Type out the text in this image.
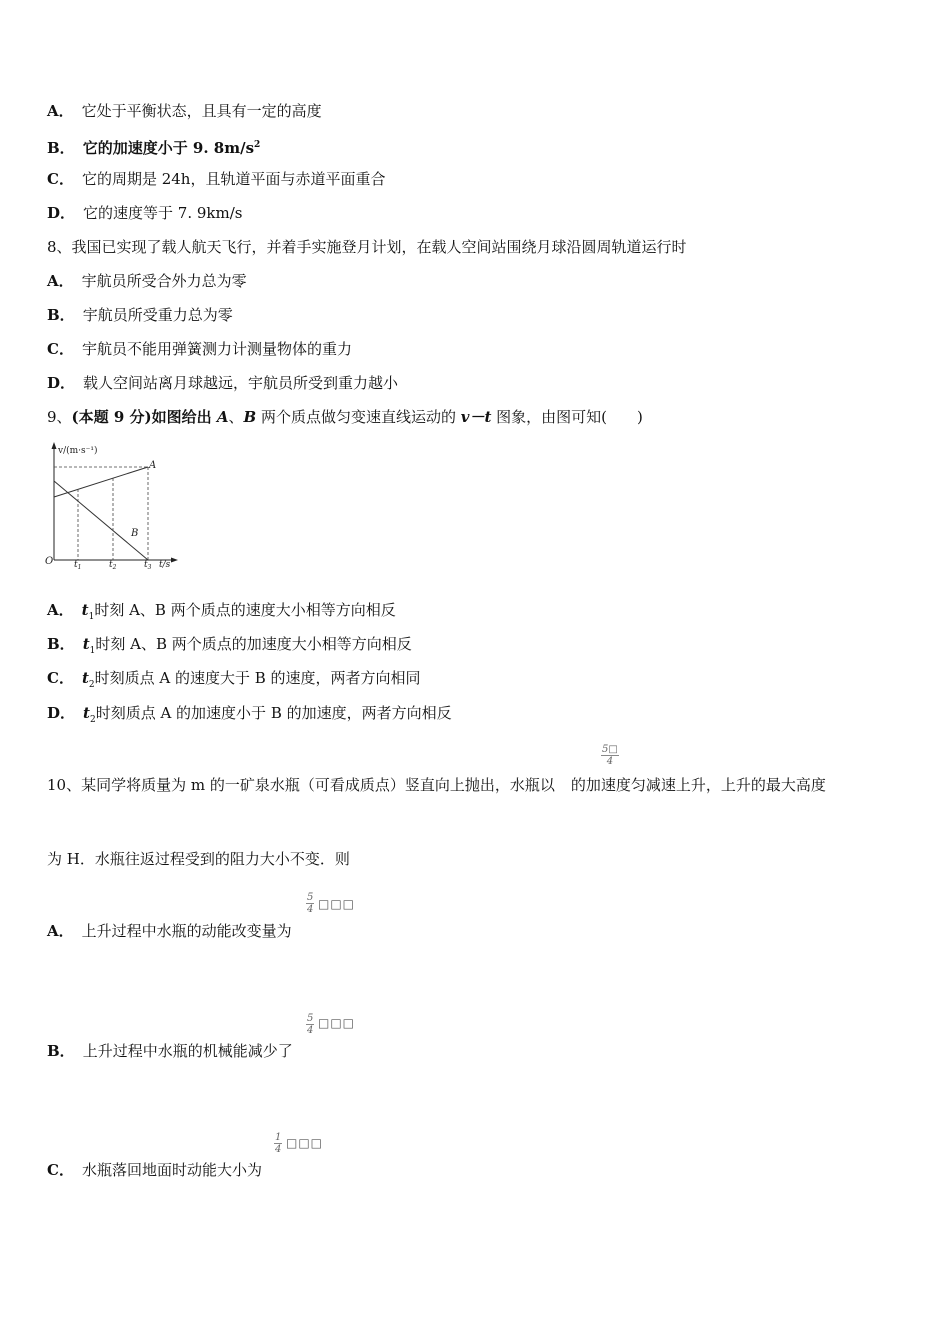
A． 它处于平衡状态，且具有一定的高度
B． 它的加速度小于 9. $8m/s^2$
C． 它的周期是 24h，且轨道平面与赤道平面重合
D． 它的速度等于 7. 9km/s
8、我国已实现了载人航天飞行，并着手实施登月计划，在载人空间站围绕月球沿圆周轨道运行时
A． 宇航员所受合外力总为零
B． 宇航员所受重力总为零
C． 宇航员不能用弹簧测力计测量物体的重力
D． 载人空间站离月球越远，宇航员所受到重力越小
9、(本题 9 分)如图给出 A、B 两个质点做匀变速直线运动的 v－t 图象，由图可知(　　)
v/(m·s⁻¹)
A
B
O $t_1$	$t_2$	$t_3$ t/s
A． $t_1$时刻 A、B 两个质点的速度大小相等方向相反
B． $t_1$时刻 A、B 两个质点的加速度大小相等方向相反
C． $t_2$时刻质点 A 的速度大于 B 的速度，两者方向相同
D． $t_2$时刻质点 A 的加速度小于 B 的加速度，两者方向相反
$\frac{5□}{4}$
10、某同学将质量为 m 的一矿泉水瓶（可看成质点）竖直向上抛出，水瓶以 的加速度匀减速上升，上升的最大高度
为 H．水瓶往返过程受到的阻力大小不变．则
$\frac{5}{4}$ □□□
A． 上升过程中水瓶的动能改变量为
$\frac{5}{4}$ □□□
B． 上升过程中水瓶的机械能减少了
$\frac{1}{4}$ □□□
C． 水瓶落回地面时动能大小为
